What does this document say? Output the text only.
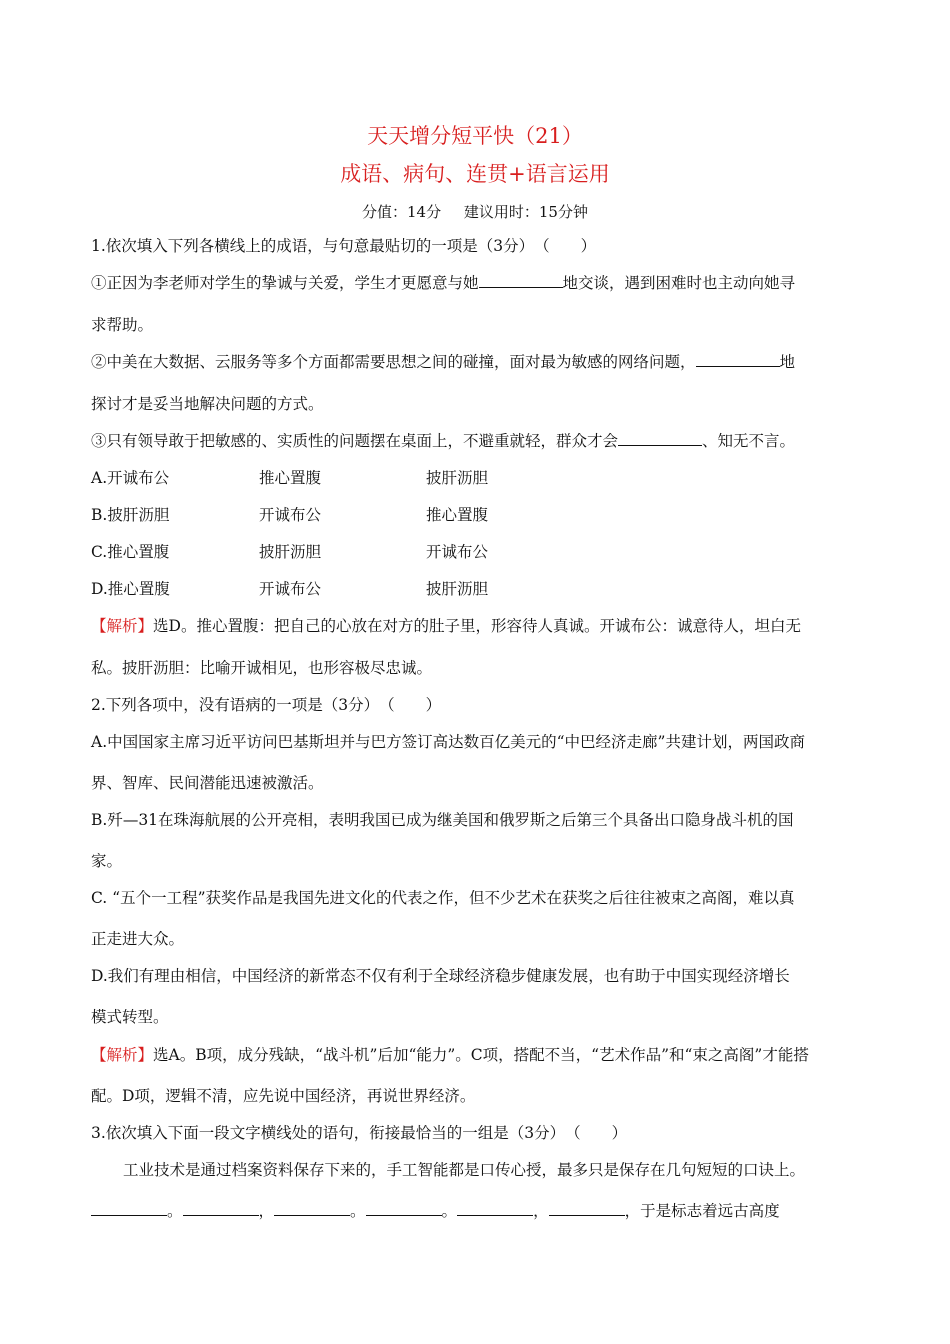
天天增分短平快（21）
成语、病句、连贯+语言运用
分值：14分 建议用时：15分钟
1.依次填入下列各横线上的成语，与句意最贴切的一项是（3分）　（　　）
①正因为李老师对学生的挚诚与关爱，学生才更愿意与她	地交谈，遇到困难时也主动向她寻
求帮助。
②中美在大数据、云服务等多个方面都需要思想之间的碰撞，面对最为敏感的网络问题，	地
探讨才是妥当地解决问题的方式。
③只有领导敢于把敏感的、实质性的问题摆在桌面上，不避重就轻，群众才会	、知无不言。
A.开诚布公	推心置腹	披肝沥胆
B.披肝沥胆	开诚布公	推心置腹
C.推心置腹	披肝沥胆	开诚布公
D.推心置腹	开诚布公	披肝沥胆
【解析】选D。推心置腹：把自己的心放在对方的肚子里，形容待人真诚。开诚布公：诚意待人，坦白无
私。披肝沥胆：比喻开诚相见，也形容极尽忠诚。
2.下列各项中，没有语病的一项是（3分）　（　　）
A.中国国家主席习近平访问巴基斯坦并与巴方签订高达数百亿美元的“中巴经济走廊”共建计划，两国政商
界、智库、民间潜能迅速被激活。
B.歼—31在珠海航展的公开亮相，表明我国已成为继美国和俄罗斯之后第三个具备出口隐身战斗机的国
家。
C. “五个一工程”获奖作品是我国先进文化的代表之作，但不少艺术在获奖之后往往被束之高阁，难以真
正走进大众。
D.我们有理由相信，中国经济的新常态不仅有利于全球经济稳步健康发展，也有助于中国实现经济增长
模式转型。
【解析】选A。B项，成分残缺，“战斗机”后加“能力”。C项，搭配不当，“艺术作品”和“束之高阁”才能搭
配。D项，逻辑不清，应先说中国经济，再说世界经济。
3.依次填入下面一段文字横线处的语句，衔接最恰当的一组是（3分）　（　　）
工业技术是通过档案资料保存下来的，手工智能都是口传心授，最多只是保存在几句短短的口诀上。
。	，	。	。	，	，于是标志着远古高度
